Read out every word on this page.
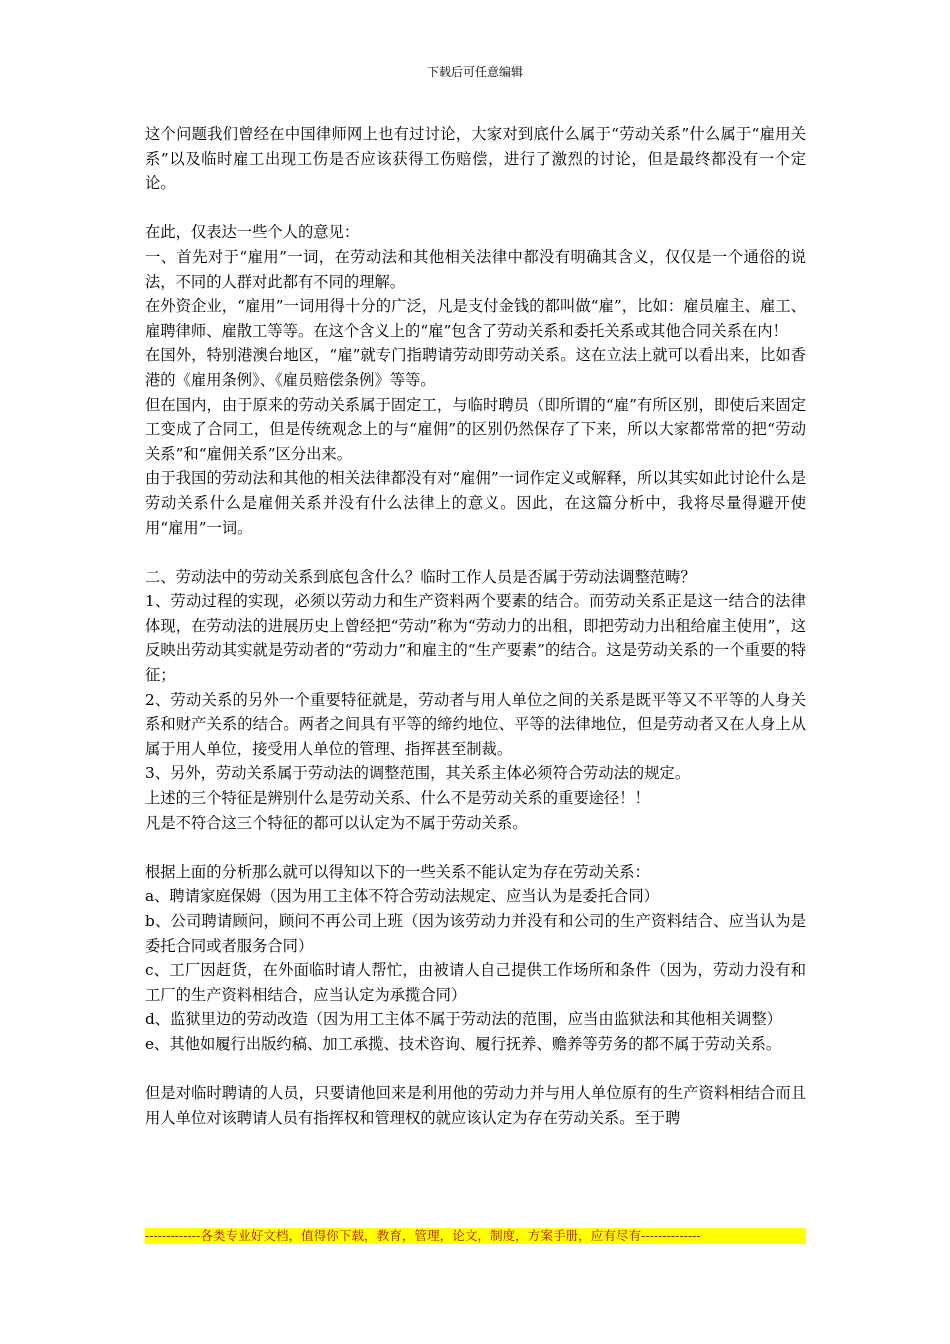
下载后可任意编辑

这个问题我们曾经在中国律师网上也有过讨论，大家对到底什么属于“劳动关系”什么属于“雇用关系”以及临时雇工出现工伤是否应该获得工伤赔偿，进行了激烈的讨论，但是最终都没有一个定论。

在此，仅表达一些个人的意见：

一、首先对于“雇用”一词，在劳动法和其他相关法律中都没有明确其含义，仅仅是一个通俗的说法，不同的人群对此都有不同的理解。

在外资企业，“雇用”一词用得十分的广泛，凡是支付金钱的都叫做“雇”，比如：雇员雇主、雇工、雇聘律师、雇散工等等。在这个含义上的“雇”包含了劳动关系和委托关系或其他合同关系在内！

在国外，特别港澳台地区，“雇”就专门指聘请劳动即劳动关系。这在立法上就可以看出来，比如香港的《雇用条例》、《雇员赔偿条例》等等。

但在国内，由于原来的劳动关系属于固定工，与临时聘员（即所谓的“雇”有所区别，即使后来固定工变成了合同工，但是传统观念上的与“雇佣”的区别仍然保存了下来，所以大家都常常的把“劳动关系”和“雇佣关系”区分出来。

由于我国的劳动法和其他的相关法律都没有对“雇佣”一词作定义或解释，所以其实如此讨论什么是劳动关系什么是雇佣关系并没有什么法律上的意义。因此，在这篇分析中，我将尽量得避开使用“雇用”一词。

二、劳动法中的劳动关系到底包含什么？临时工作人员是否属于劳动法调整范畴？

1、劳动过程的实现，必须以劳动力和生产资料两个要素的结合。而劳动关系正是这一结合的法律体现，在劳动法的进展历史上曾经把“劳动”称为“劳动力的出租，即把劳动力出租给雇主使用”，这反映出劳动其实就是劳动者的“劳动力”和雇主的“生产要素”的结合。这是劳动关系的一个重要的特征；

2、劳动关系的另外一个重要特征就是，劳动者与用人单位之间的关系是既平等又不平等的人身关系和财产关系的结合。两者之间具有平等的缔约地位、平等的法律地位，但是劳动者又在人身上从属于用人单位，接受用人单位的管理、指挥甚至制裁。

3、另外，劳动关系属于劳动法的调整范围，其关系主体必须符合劳动法的规定。

上述的三个特征是辨别什么是劳动关系、什么不是劳动关系的重要途径！！

凡是不符合这三个特征的都可以认定为不属于劳动关系。

根据上面的分析那么就可以得知以下的一些关系不能认定为存在劳动关系：

a、聘请家庭保姆（因为用工主体不符合劳动法规定、应当认为是委托合同）

b、公司聘请顾问，顾问不再公司上班（因为该劳动力并没有和公司的生产资料结合、应当认为是委托合同或者服务合同）

c、工厂因赶货，在外面临时请人帮忙，由被请人自己提供工作场所和条件（因为，劳动力没有和工厂的生产资料相结合，应当认定为承揽合同）

d、监狱里边的劳动改造（因为用工主体不属于劳动法的范围，应当由监狱法和其他相关调整）

e、其他如履行出版约稿、加工承揽、技术咨询、履行抚养、赡养等劳务的都不属于劳动关系。

但是对临时聘请的人员，只要请他回来是利用他的劳动力并与用人单位原有的生产资料相结合而且用人单位对该聘请人员有指挥权和管理权的就应该认定为存在劳动关系。至于聘

-------------各类专业好文档，值得你下载，教育，管理，论文，制度，方案手册，应有尽有--------------
